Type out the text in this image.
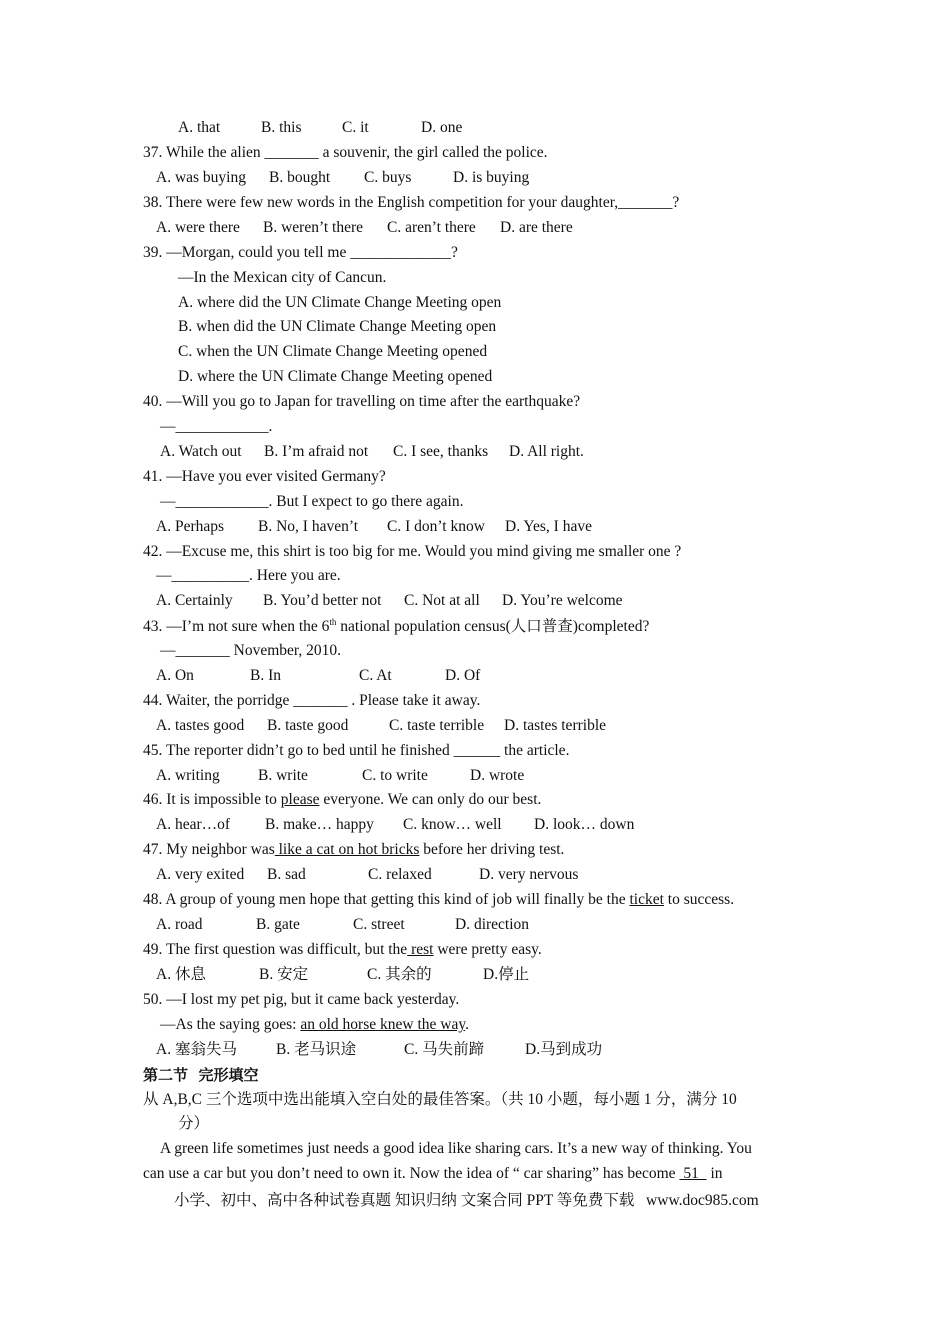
A. that	B. this	C. it	D. one
37. While the alien _______ a souvenir, the girl called the police.
A. was buying B. bought C. buys	D. is buying
38. There were few new words in the English competition for your daughter,_______?
A. were there B. weren’t there C. aren’t there D. are there
39. —Morgan, could you tell me _____________?
—In the Mexican city of Cancun.
A. where did the UN Climate Change Meeting open
B. when did the UN Climate Change Meeting open
C. when the UN Climate Change Meeting opened
D. where the UN Climate Change Meeting opened
40. —Will you go to Japan for travelling on time after the earthquake?
—____________.
A. Watch out B. I’m afraid not C. I see, thanks D. All right.
41. —Have you ever visited Germany?
—____________. But I expect to go there again.
A. Perhaps B. No, I haven’t C. I don’t know D. Yes, I have
42. —Excuse me, this shirt is too big for me. Would you mind giving me smaller one ?
—__________. Here you are.
A. Certainly B. You’d better not C. Not at all D. You’re welcome
43. —I’m not sure when the 6th national population census(人口普查)completed?
—_______ November, 2010.
A. On	B. In	C. At	D. Of
44. Waiter, the porridge _______ . Please take it away.
A. tastes good B. taste good	C. taste terrible D. tastes terrible
45. The reporter didn’t go to bed until he finished ______ the article.
A. writing B. write	C. to write	D. wrote
46. It is impossible to please everyone. We can only do our best.
A. hear…of B. make… happy C. know… well D. look… down
47. My neighbor was like a cat on hot bricks before her driving test.
A. very exited B. sad	C. relaxed	D. very nervous
48. A group of young men hope that getting this kind of job will finally be the ticket to success.
A. road	B. gate	C. street	D. direction
49. The first question was difficult, but the rest were pretty easy.
A. 休息	B. 安定	C. 其余的	D.停止
50. —I lost my pet pig, but it came back yesterday.
—As the saying goes: an old horse knew the way.
A. 塞翁失马	B. 老马识途	C. 马失前蹄	D.马到成功
第二节  完形填空
从 A,B,C 三个选项中选出能填入空白处的最佳答案。（共 10 小题，每小题 1 分，满分 10
分）
A green life sometimes just needs a good idea like sharing cars. It’s a new way of thinking. You
can use a car but you don’t need to own it. Now the idea of “ car sharing” has become  51   in
小学、初中、高中各种试卷真题 知识归纳 文案合同 PPT 等免费下载   www.doc985.com
